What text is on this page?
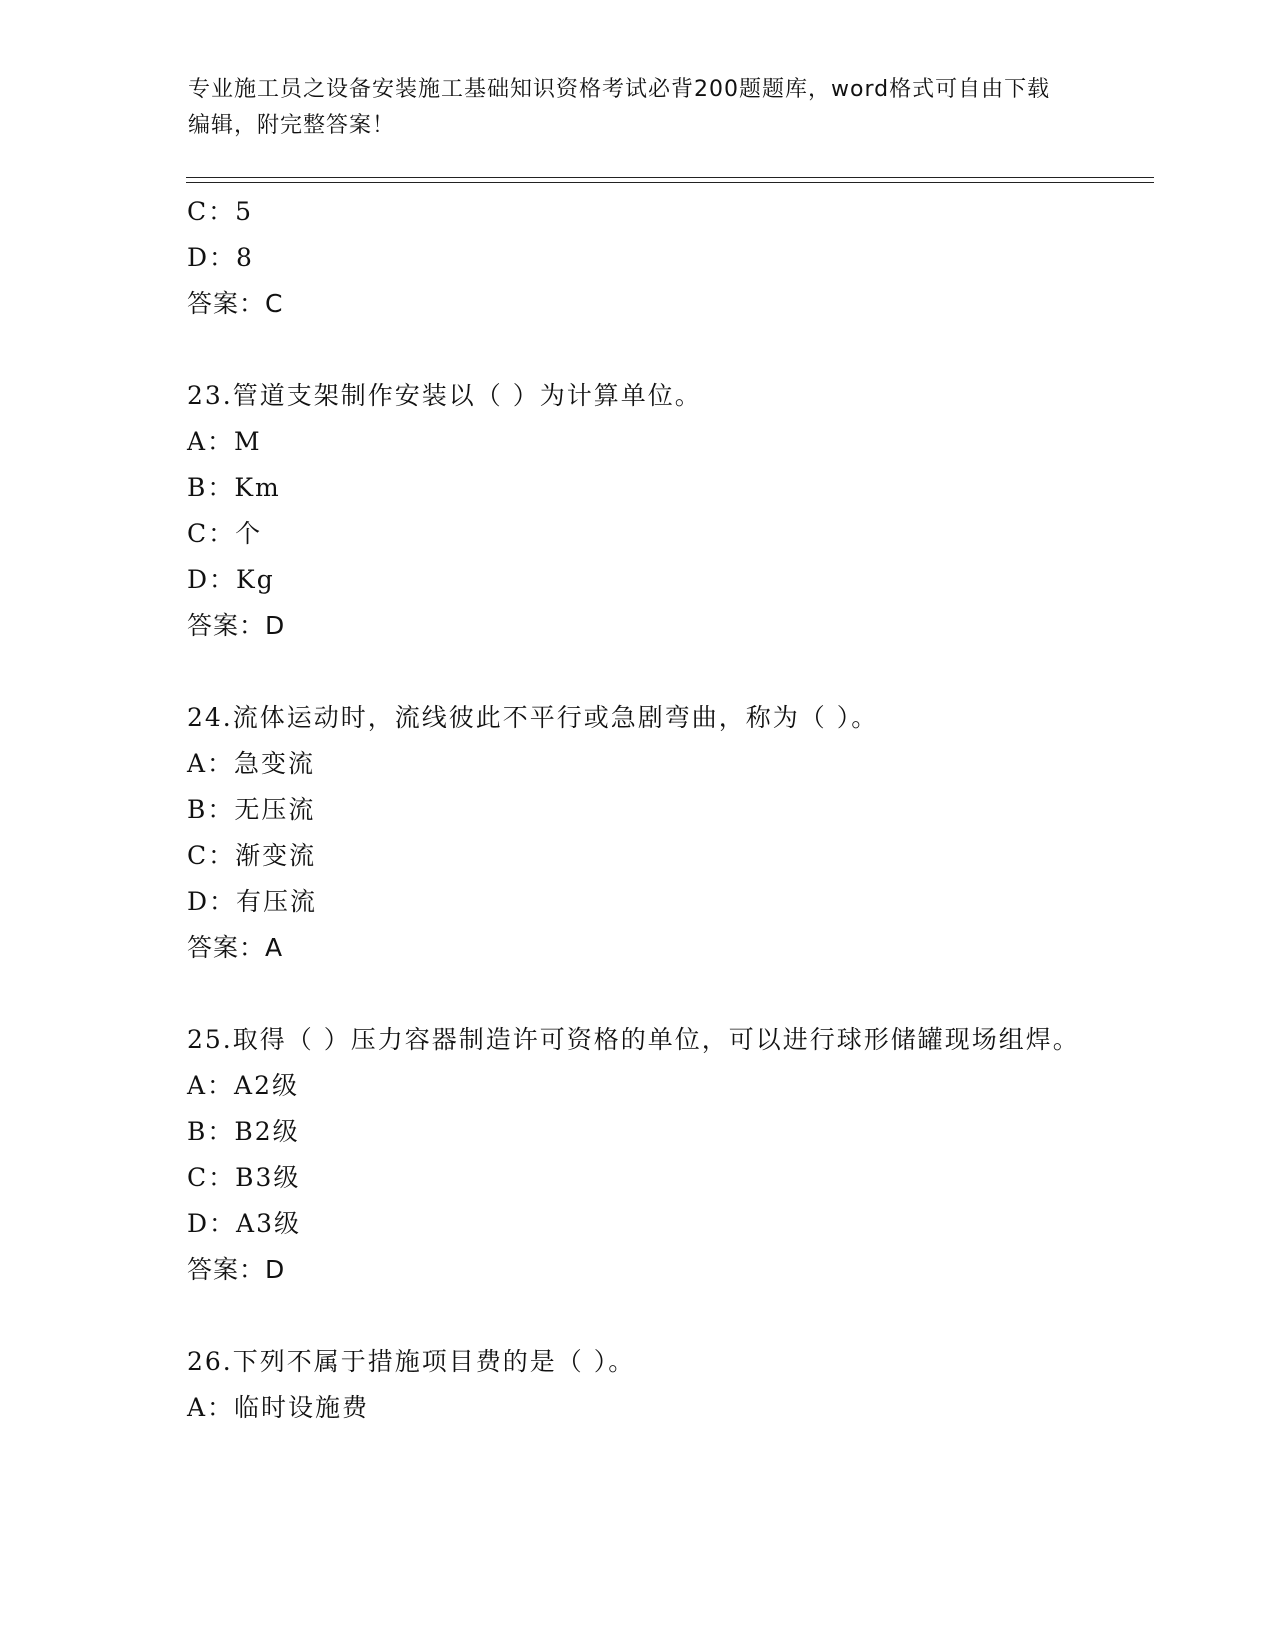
专业施工员之设备安装施工基础知识资格考试必背200题题库，word格式可自由下载编辑，附完整答案！
C：5
D：8
答案：C
23.管道支架制作安装以（ ）为计算单位。
A：M
B：Km
C：个
D：Kg
答案：D
24.流体运动时，流线彼此不平行或急剧弯曲，称为（ ）。
A：急变流
B：无压流
C：渐变流
D：有压流
答案：A
25.取得（ ）压力容器制造许可资格的单位，可以进行球形储罐现场组焊。
A：A2级
B：B2级
C：B3级
D：A3级
答案：D
26.下列不属于措施项目费的是（ ）。
A：临时设施费
